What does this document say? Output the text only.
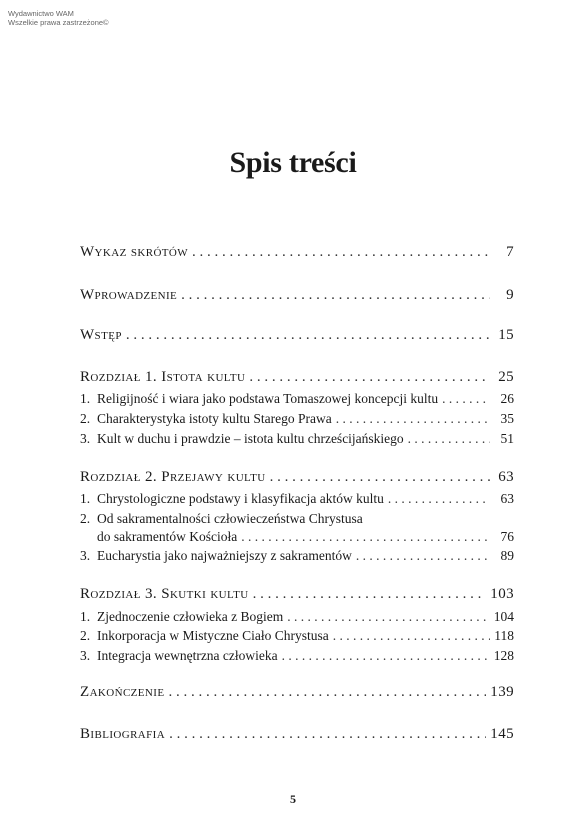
Wydawnictwo WAM
Wszelkie prawa zastrzeżone©
Spis treści
Wykaz skrótów . . .	7
Wprowadzenie . . .	9
Wstęp . . .	15
Rozdział 1. Istota kultu . . .	25
1. Religijność i wiara jako podstawa Tomaszowej koncepcji kultu . . .	26
2. Charakterystyka istoty kultu Starego Prawa . . .	35
3. Kult w duchu i prawdzie – istota kultu chrześcijańskiego . . .	51
Rozdział 2. Przejawy kultu . . .	63
1. Chrystologiczne podstawy i klasyfikacja aktów kultu . . .	63
2. Od sakramentalności człowieczeństwa Chrystusa
do sakramentów Kościoła . . .	76
3. Eucharystia jako najważniejszy z sakramentów . . .	89
Rozdział 3. Skutki kultu . . .	103
1. Zjednoczenie człowieka z Bogiem . . .	104
2. Inkorporacja w Mistyczne Ciało Chrystusa . . .	118
3. Integracja wewnętrzna człowieka . . .	128
Zakończenie . . .	139
Bibliografia . . .	145
5
